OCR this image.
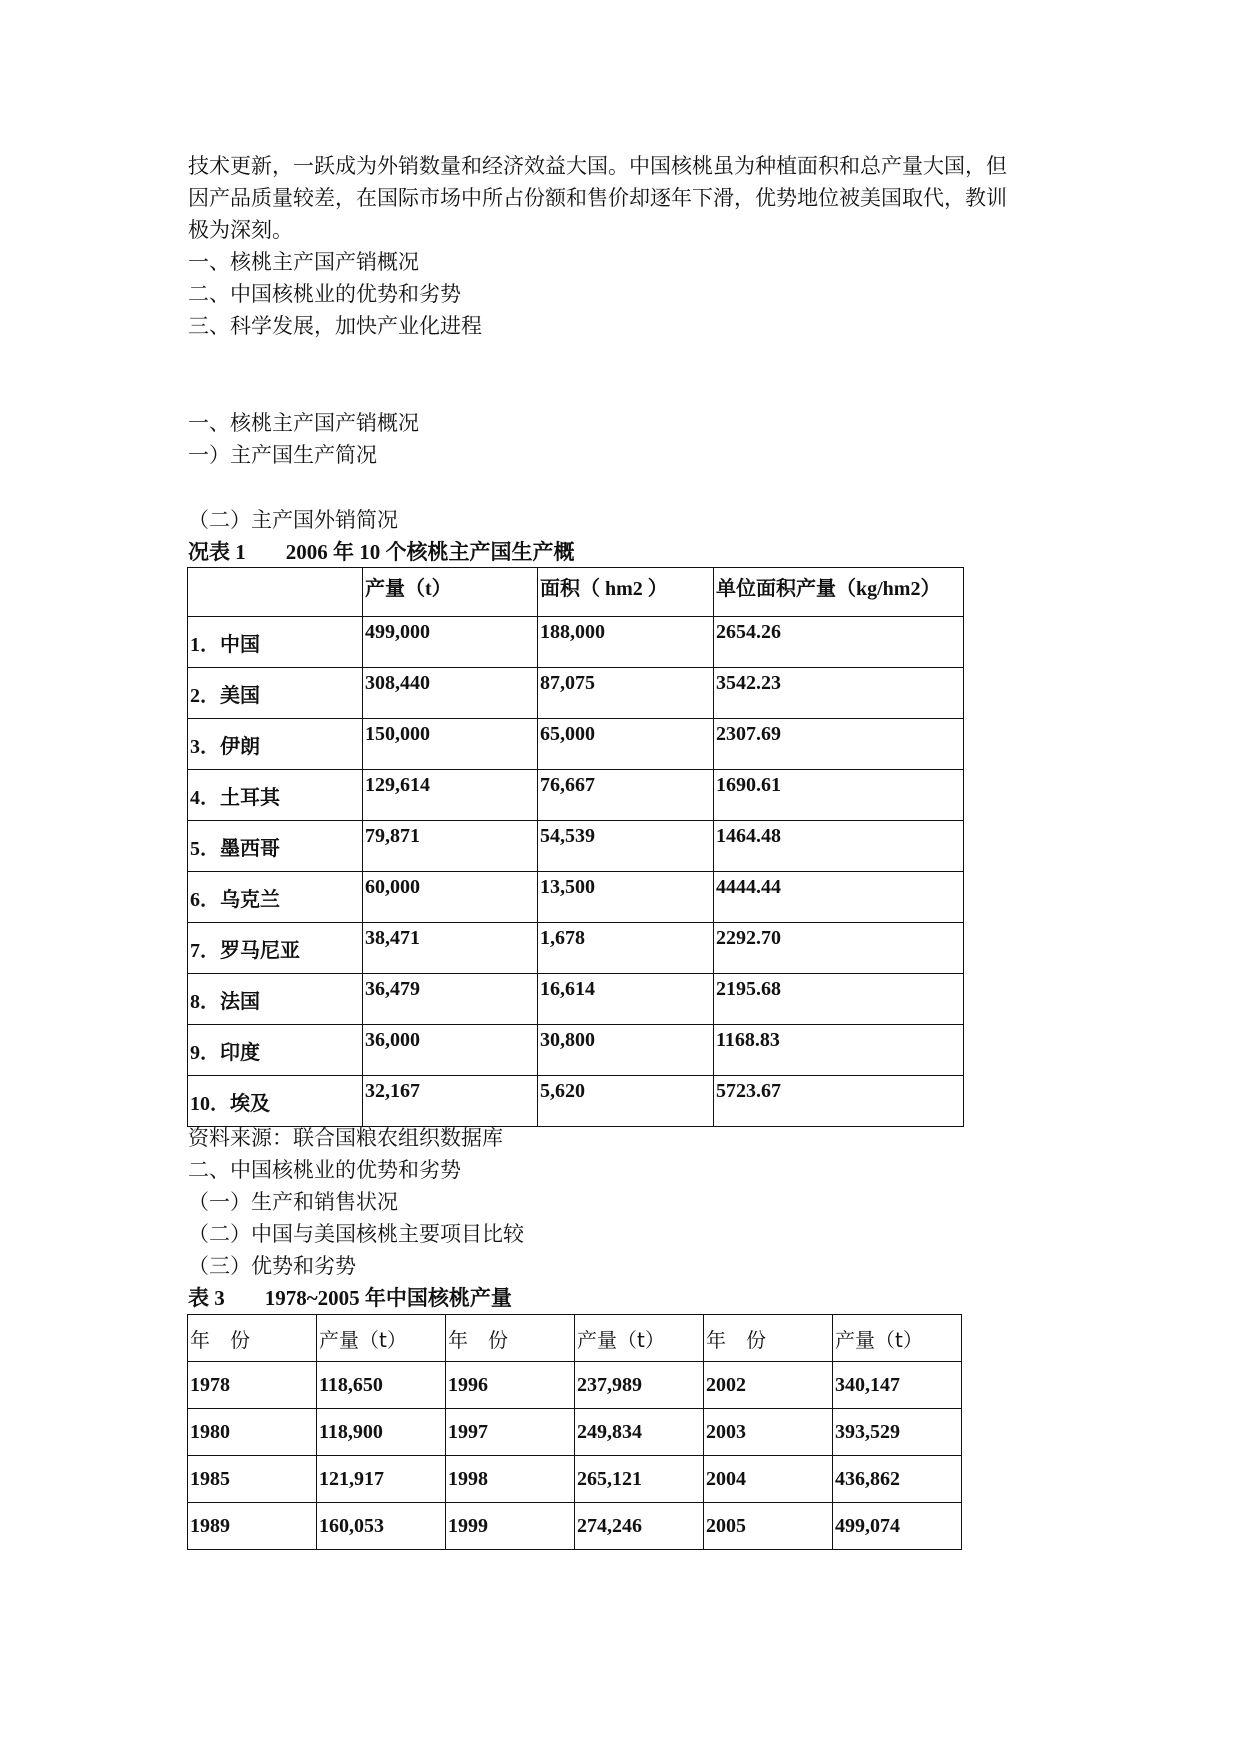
技术更新，一跃成为外销数量和经济效益大国。中国核桃虽为种植面积和总产量大国，但

因产品质量较差，在国际市场中所占份额和售价却逐年下滑，优势地位被美国取代，教训

极为深刻。

一、核桃主产国产销概况

二、中国核桃业的优势和劣势

三、科学发展，加快产业化进程

一、核桃主产国产销概况

一）主产国生产简况

（二）主产国外销简况

况表 1 2006 年 10 个核桃主产国生产概

	产量（t）	面积（ hm2 ）	单位面积产量（kg/hm2）
1．中国	499,000	188,000	2654.26
2．美国	308,440	87,075	3542.23
3．伊朗	150,000	65,000	2307.69
4．土耳其	129,614	76,667	1690.61
5．墨西哥	79,871	54,539	1464.48
6．乌克兰	60,000	13,500	4444.44
7．罗马尼亚	38,471	1,678	2292.70
8．法国	36,479	16,614	2195.68
9．印度	36,000	30,800	1168.83
10．埃及	32,167	5,620	5723.67

资料来源：联合国粮农组织数据库

二、中国核桃业的优势和劣势

（一）生产和销售状况

（二）中国与美国核桃主要项目比较

（三）优势和劣势

表 3 1978~2005 年中国核桃产量

年　份	产量（t）	年　份	产量（t）	年　份	产量（t）
1978	118,650	1996	237,989	2002	340,147
1980	118,900	1997	249,834	2003	393,529
1985	121,917	1998	265,121	2004	436,862
1989	160,053	1999	274,246	2005	499,074
